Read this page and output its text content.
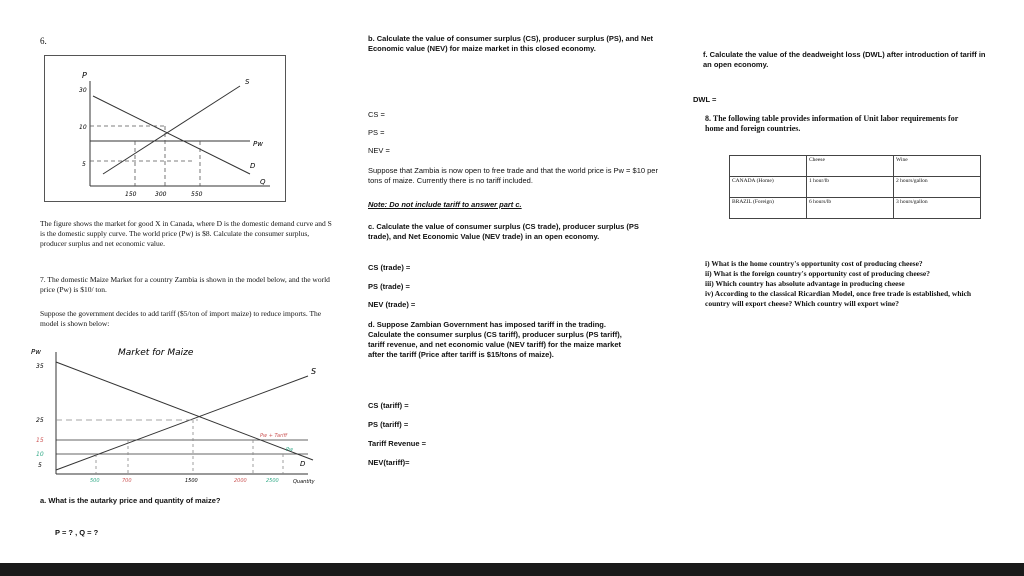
6.
P
30
10
5
150	300	550
S
D
Pw
Q
The figure shows the market for good X in Canada, where D is the domestic demand curve and S is the domestic supply curve. The world price (Pw) is $8. Calculate the consumer surplus, producer surplus and net economic value.
7. The domestic Maize Market for a country Zambia is shown in the model below, and the world price (Pw) is $10/ ton.
Suppose the government decides to add tariff ($5/ton of import maize) to reduce imports. The model is shown below:
Pw	Market for Maize
35
25
15
10
5
500	700	1500	2000	2500
S
D
Pw + Tariff
Pw
Quantity
a. What is the autarky price and quantity of maize?
P = ? , Q = ?
b. Calculate the value of consumer surplus (CS), producer surplus (PS), and Net Economic value (NEV) for maize market in this closed economy.
CS =
PS =
NEV =
Suppose that Zambia is now open to free trade and that the world price is Pw = $10 per tons of maize. Currently there is no tariff included.
Note: Do not include tariff to answer part c.
c. Calculate the value of consumer surplus (CS trade), producer surplus (PS trade), and Net Economic Value (NEV trade) in an open economy.
CS (trade) =
PS (trade) =
NEV (trade) =
d. Suppose Zambian Government has imposed tariff in the trading. Calculate the consumer surplus (CS tariff), producer surplus (PS tariff), tariff revenue, and net economic value (NEV tariff) for the maize market after the tariff (Price after tariff is $15/tons of maize).
CS (tariff) =
PS (tariff) =
Tariff Revenue =
NEV(tariff)=
f. Calculate the value of the deadweight loss (DWL) after introduction of tariff in an open economy.
DWL =
8. The following table provides information of Unit labor requirements for home and foreign countries.
	Cheese	Wine
CANADA (Home)	1 hour/lb	2 hours/gallon
BRAZIL (Foreign)	6 hours/lb	3 hours/gallon
i) What is the home country's opportunity cost of producing cheese?
ii) What is the foreign country's opportunity cost of producing cheese?
iii) Which country has absolute advantage in producing cheese
iv) According to the classical Ricardian Model, once free trade is established, which country will export cheese? Which country will export wine?
